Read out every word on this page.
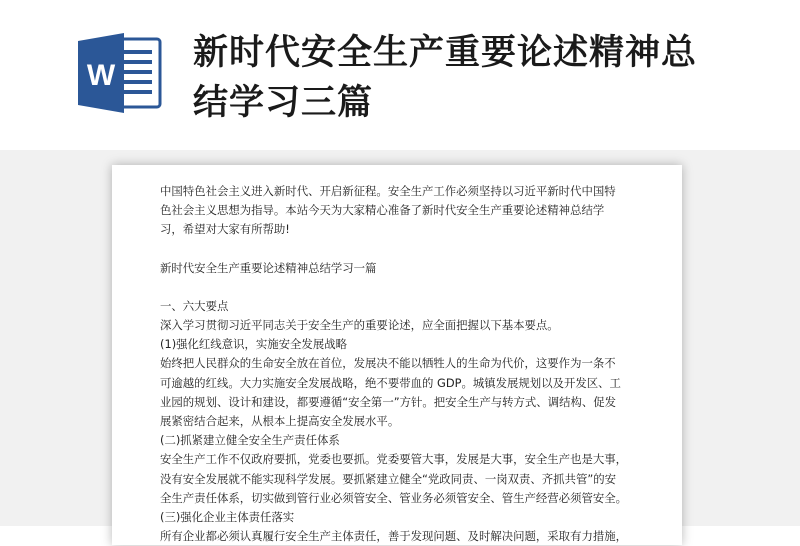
W
新时代安全生产重要论述精神总
结学习三篇

中国特色社会主义进入新时代、开启新征程。安全生产工作必须坚持以习近平新时代中国特

色社会主义思想为指导。本站今天为大家精心准备了新时代安全生产重要论述精神总结学

习，希望对大家有所帮助!

新时代安全生产重要论述精神总结学习一篇

一、六大要点

深入学习贯彻习近平同志关于安全生产的重要论述，应全面把握以下基本要点。

(1)强化红线意识，实施安全发展战略

始终把人民群众的生命安全放在首位，发展决不能以牺牲人的生命为代价，这要作为一条不

可逾越的红线。大力实施安全发展战略，绝不要带血的 GDP。城镇发展规划以及开发区、工

业园的规划、设计和建设，都要遵循“安全第一”方针。把安全生产与转方式、调结构、促发

展紧密结合起来，从根本上提高安全发展水平。

(二)抓紧建立健全安全生产责任体系

安全生产工作不仅政府要抓，党委也要抓。党委要管大事，发展是大事，安全生产也是大事，

没有安全发展就不能实现科学发展。要抓紧建立健全“党政同责、一岗双责、齐抓共管”的安

全生产责任体系，切实做到管行业必须管安全、管业务必须管安全、管生产经营必须管安全。

(三)强化企业主体责任落实

所有企业都必须认真履行安全生产主体责任，善于发现问题、及时解决问题，采取有力措施，
